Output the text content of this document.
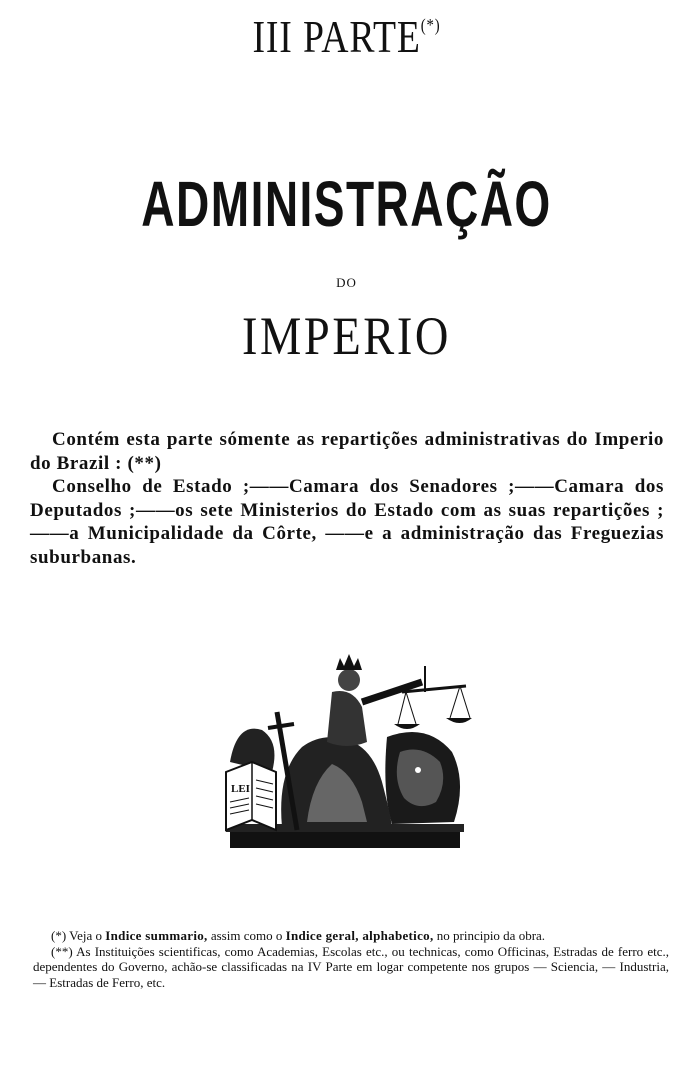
III PARTE(*)
ADMINISTRAÇÃO
DO
IMPERIO

Contém esta parte sómente as repartições administrativas do Imperio do Brazil : (**)

Conselho de Estado ;——Camara dos Senadores ;——Camara dos Deputados ;——os sete Ministerios do Estado com as suas repartições ;——a Municipalidade da Côrte, ——e a administração das Freguezias suburbanas.

LEI

(*) Veja o Indice summario, assim como o Indice geral, alphabetico, no principio da obra.

(**) As Instituições scientificas, como Academias, Escolas etc., ou technicas, como Officinas, Estradas de ferro etc., dependentes do Governo, achão-se classificadas na IV Parte em logar competente nos grupos — Sciencia, — Industria, — Estradas de Ferro, etc.
